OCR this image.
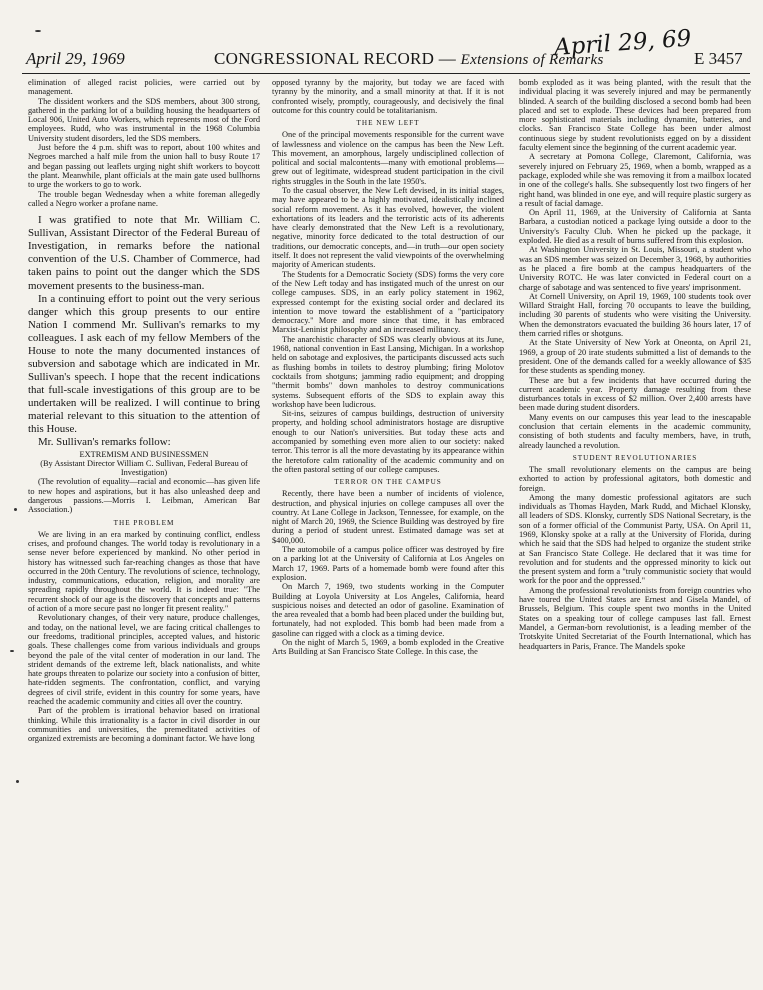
April 29, 1969	CONGRESSIONAL RECORD — Extensions of Remarks
April 29, 69 E 3457

elimination of alleged racist policies, were carried out by management.

The dissident workers and the SDS members, about 300 strong, gathered in the parking lot of a building housing the headquarters of Local 906, United Auto Workers, which represents most of the Ford employees. Rudd, who was instrumental in the 1968 Columbia University student disorders, led the SDS members.

Just before the 4 p.m. shift was to report, about 100 whites and Negroes marched a half mile from the union hall to busy Route 17 and began passing out leaflets urging night shift workers to boycott the plant. Meanwhile, plant officials at the main gate used bullhorns to urge the workers to go to work.

The trouble began Wednesday when a white foreman allegedly called a Negro worker a profane name.

I was gratified to note that Mr. William C. Sullivan, Assistant Director of the Federal Bureau of Investigation, in remarks before the national convention of the U.S. Chamber of Commerce, had taken pains to point out the danger which the SDS movement presents to the business-man.

In a continuing effort to point out the very serious danger which this group presents to our entire Nation I commend Mr. Sullivan's remarks to my colleagues. I ask each of my fellow Members of the House to note the many documented instances of subversion and sabotage which are indicated in Mr. Sullivan's speech. I hope that the recent indications that full-scale investigations of this group are to be undertaken will be realized. I will continue to bring material relevant to this situation to the attention of this House.

Mr. Sullivan's remarks follow:

EXTREMISM AND BUSINESSMEN

(By Assistant Director William C. Sullivan, Federal Bureau of Investigation)

(The revolution of equality—racial and economic—has given life to new hopes and aspirations, but it has also unleashed deep and dangerous passions.—Morris I. Leibman, American Bar Association.)

THE PROBLEM

We are living in an era marked by continuing conflict, endless crises, and profound changes. The world today is revolutionary in a sense never before experienced by mankind. No other period in history has witnessed such far-reaching changes as those that have occurred in the 20th Century. The revolutions of science, technology, industry, communications, education, religion, and morality are spreading rapidly throughout the world. It is indeed true: "The recurrent shock of our age is the discovery that concepts and patterns of action of a more secure past no longer fit present reality."

Revolutionary changes, of their very nature, produce challenges, and today, on the national level, we are facing critical challenges to our freedoms, traditional principles, accepted values, and historic goals. These challenges come from various individuals and groups beyond the pale of the vital center of moderation in our land. The strident demands of the extreme left, black nationalists, and white hate groups threaten to polarize our society into a confusion of bitter, hate-ridden segments. The confrontation, conflict, and varying degrees of civil strife, evident in this country for some years, have reached the academic community and cities all over the country.

Part of the problem is irrational behavior based on irrational thinking. While this irrationality is a factor in civil disorder in our communities and universities, the premeditated activities of organized extremists are becoming a dominant factor. We have long

opposed tyranny by the majority, but today we are faced with tyranny by the minority, and a small minority at that. If it is not confronted wisely, promptly, courageously, and decisively the final outcome for this country could be totalitarianism.

THE NEW LEFT

One of the principal movements responsible for the current wave of lawlessness and violence on the campus has been the New Left. This movement, an amorphous, largely undisciplined collection of political and social malcontents—many with emotional problems—grew out of legitimate, widespread student participation in the civil rights struggles in the South in the late 1950's.

To the casual observer, the New Left devised, in its initial stages, may have appeared to be a highly motivated, idealistically inclined social reform movement. As it has evolved, however, the violent exhortations of its leaders and the terroristic acts of its adherents have clearly demonstrated that the New Left is a revolutionary, negative, minority force dedicated to the total destruction of our traditions, our democratic concepts, and—in truth—our open society itself. It does not represent the valid viewpoints of the overwhelming majority of American students.

The Students for a Democratic Society (SDS) forms the very core of the New Left today and has instigated much of the unrest on our college campuses. SDS, in an early policy statement in 1962, expressed contempt for the existing social order and declared its intention to move toward the establishment of a "participatory democracy." More and more since that time, it has embraced Marxist-Leninist philosophy and an increased militancy.

The anarchistic character of SDS was clearly obvious at its June, 1968, national convention in East Lansing, Michigan. In a workshop held on sabotage and explosives, the participants discussed acts such as flushing bombs in toilets to destroy plumbing; firing Molotov cocktails from shotguns; jamming radio equipment; and dropping "thermit bombs" down manholes to destroy communications systems. Subsequent efforts of the SDS to explain away this workshop have been ludicrous.

Sit-ins, seizures of campus buildings, destruction of university property, and holding school administrators hostage are disruptive enough to our Nation's universities. But today these acts and accompanied by something even more alien to our society: naked terror. This terror is all the more devastating by its appearance within the heretofore calm rationality of the academic community and on the often pastoral setting of our college campuses.

TERROR ON THE CAMPUS

Recently, there have been a number of incidents of violence, destruction, and physical injuries on college campuses all over the country. At Lane College in Jackson, Tennessee, for example, on the night of March 20, 1969, the Science Building was destroyed by fire during a period of student unrest. Estimated damage was set at $400,000.

The automobile of a campus police officer was destroyed by fire on a parking lot at the University of California at Los Angeles on March 17, 1969. Parts of a homemade bomb were found after this explosion.

On March 7, 1969, two students working in the Computer Building at Loyola University at Los Angeles, California, heard suspicious noises and detected an odor of gasoline. Examination of the area revealed that a bomb had been placed under the building but, fortunately, had not exploded. This bomb had been made from a gasoline can rigged with a clock as a timing device.

On the night of March 5, 1969, a bomb exploded in the Creative Arts Building at San Francisco State College. In this case, the

bomb exploded as it was being planted, with the result that the individual placing it was severely injured and may be permanently blinded. A search of the building disclosed a second bomb had been placed and set to explode. These devices had been prepared from more sophisticated materials including dynamite, batteries, and clocks. San Francisco State College has been under almost continuous siege by student revolutionists egged on by a dissident faculty element since the beginning of the current academic year.

A secretary at Pomona College, Claremont, California, was severely injured on February 25, 1969, when a bomb, wrapped as a package, exploded while she was removing it from a mailbox located in one of the college's halls. She subsequently lost two fingers of her right hand, was blinded in one eye, and will require plastic surgery as a result of facial damage.

On April 11, 1969, at the University of California at Santa Barbara, a custodian noticed a package lying outside a door to the University's Faculty Club. When he picked up the package, it exploded. He died as a result of burns suffered from this explosion.

At Washington University in St. Louis, Missouri, a student who was an SDS member was seized on December 3, 1968, by authorities as he placed a fire bomb at the campus headquarters of the University ROTC. He was later convicted in Federal court on a charge of sabotage and was sentenced to five years' imprisonment.

At Cornell University, on April 19, 1969, 100 students took over Willard Straight Hall, forcing 70 occupants to leave the building, including 30 parents of students who were visiting the University. When the demonstrators evacuated the building 36 hours later, 17 of them carried rifles or shotguns.

At the State University of New York at Oneonta, on April 21, 1969, a group of 20 irate students submitted a list of demands to the president. One of the demands called for a weekly allowance of $35 for these students as spending money.

These are but a few incidents that have occurred during the current academic year. Property damage resulting from these disturbances totals in excess of $2 million. Over 2,400 arrests have been made during student disorders.

Many events on our campuses this year lead to the inescapable conclusion that certain elements in the academic community, consisting of both students and faculty members, have, in truth, already launched a revolution.

STUDENT REVOLUTIONARIES

The small revolutionary elements on the campus are being exhorted to action by professional agitators, both domestic and foreign.

Among the many domestic professional agitators are such individuals as Thomas Hayden, Mark Rudd, and Michael Klonsky, all leaders of SDS. Klonsky, currently SDS National Secretary, is the son of a former official of the Communist Party, USA. On April 11, 1969, Klonsky spoke at a rally at the University of Florida, during which he said that the SDS had helped to organize the student strike at San Francisco State College. He declared that it was time for revolution and for students and the oppressed minority to kick out the present system and form a "truly communistic society that would work for the poor and the oppressed."

Among the professional revolutionists from foreign countries who have toured the United States are Ernest and Gisela Mandel, of Brussels, Belgium. This couple spent two months in the United States on a speaking tour of college campuses last fall. Ernest Mandel, a German-born revolutionist, is a leading member of the Trotskyite United Secretariat of the Fourth International, which has headquarters in Paris, France. The Mandels spoke
